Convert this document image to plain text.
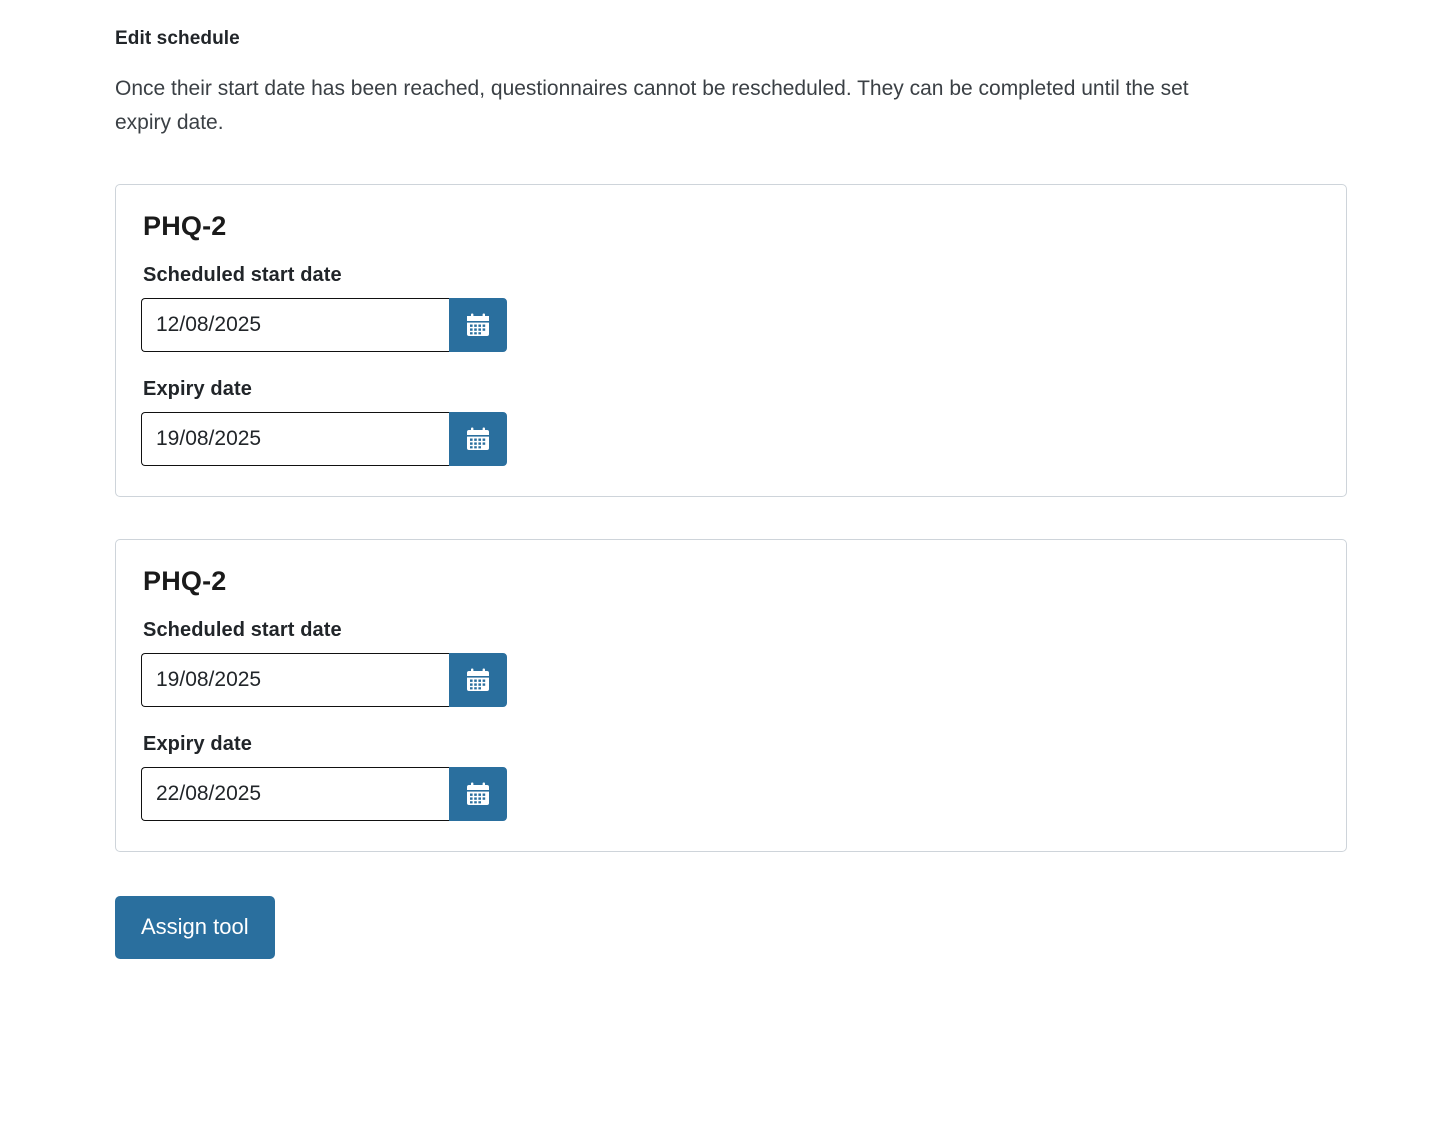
Edit schedule

Once their start date has been reached, questionnaires cannot be rescheduled. They can be completed until the set expiry date.

PHQ-2
Scheduled start date
12/08/2025
Expiry date
19/08/2025
PHQ-2
Scheduled start date
19/08/2025
Expiry date
22/08/2025
Assign tool
